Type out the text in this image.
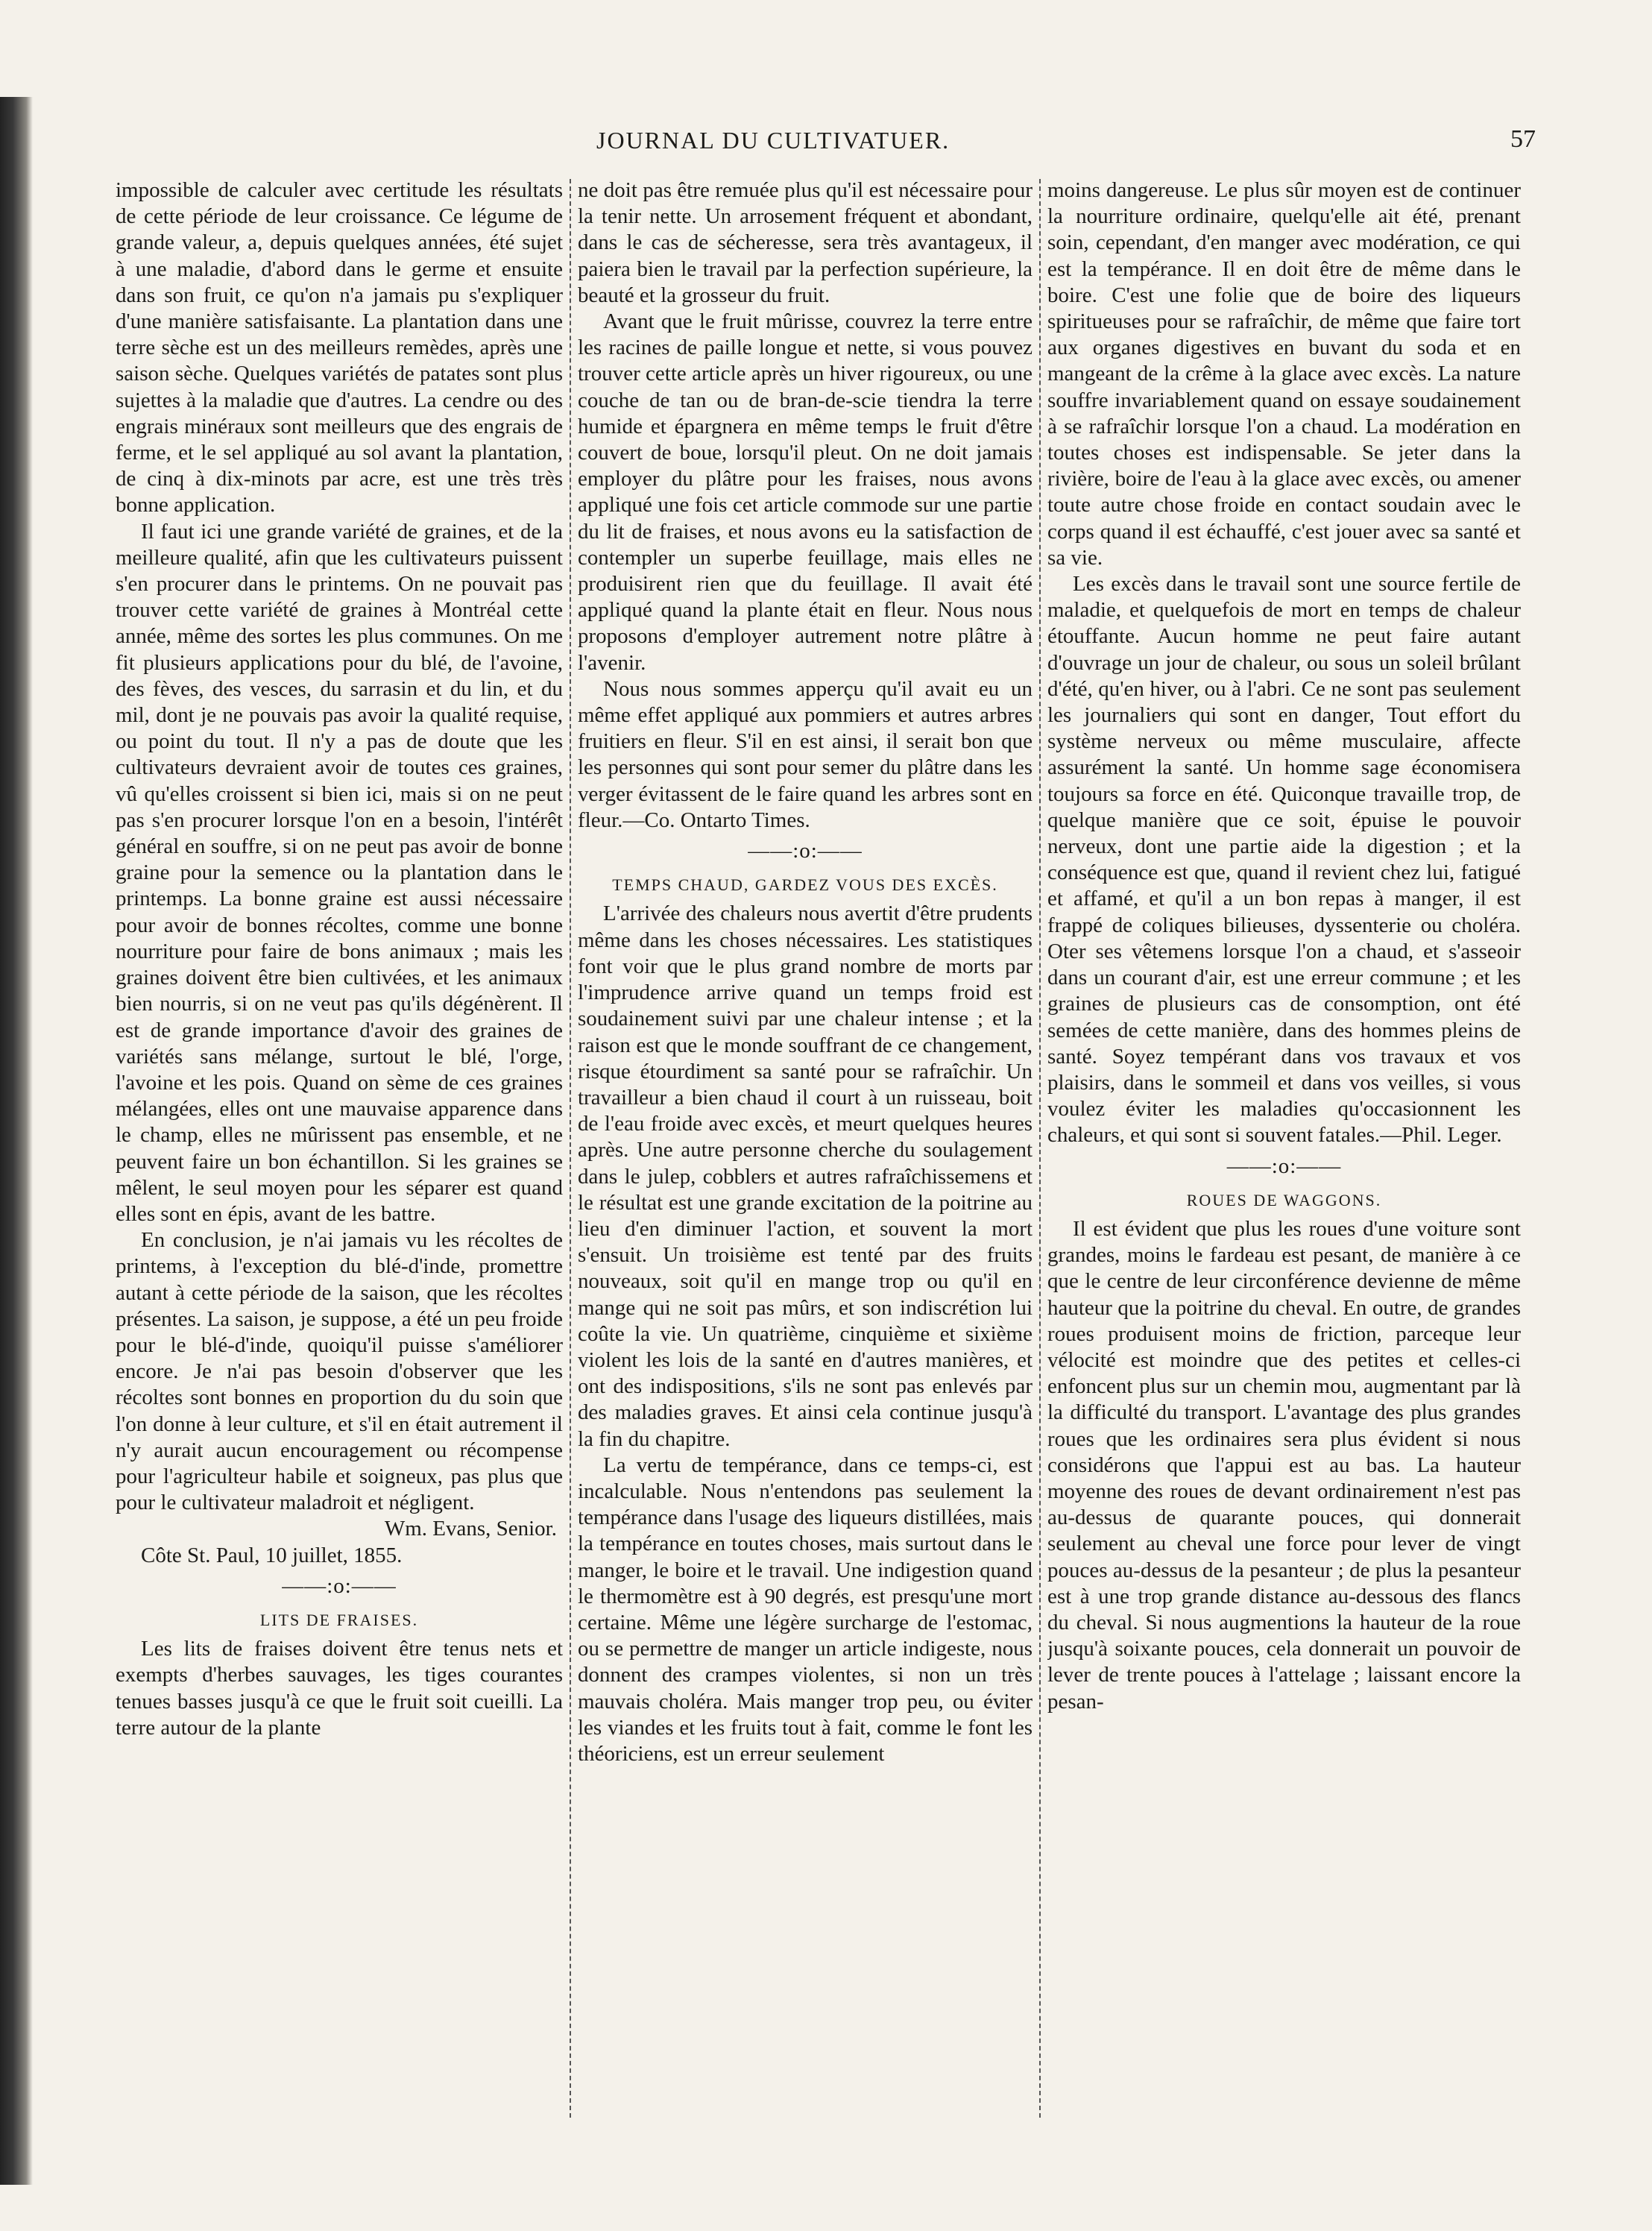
JOURNAL DU CULTIVATUER.	57

impossible de calculer avec certitude les résultats de cette période de leur croissance. Ce légume de grande valeur, a, depuis quelques années, été sujet à une maladie, d'abord dans le germe et ensuite dans son fruit, ce qu'on n'a jamais pu s'expliquer d'une manière satisfaisante. La plantation dans une terre sèche est un des meilleurs remèdes, après une saison sèche. Quelques variétés de patates sont plus sujettes à la maladie que d'autres. La cendre ou des engrais minéraux sont meilleurs que des engrais de ferme, et le sel appliqué au sol avant la plantation, de cinq à dix-minots par acre, est une très très bonne application.

Il faut ici une grande variété de graines, et de la meilleure qualité, afin que les cultivateurs puissent s'en procurer dans le printems. On ne pouvait pas trouver cette variété de graines à Montréal cette année, même des sortes les plus communes. On me fit plusieurs applications pour du blé, de l'avoine, des fèves, des vesces, du sarrasin et du lin, et du mil, dont je ne pouvais pas avoir la qualité requise, ou point du tout. Il n'y a pas de doute que les cultivateurs devraient avoir de toutes ces graines, vû qu'elles croissent si bien ici, mais si on ne peut pas s'en procurer lorsque l'on en a besoin, l'intérêt général en souffre, si on ne peut pas avoir de bonne graine pour la semence ou la plantation dans le printemps. La bonne graine est aussi nécessaire pour avoir de bonnes récoltes, comme une bonne nourriture pour faire de bons animaux ; mais les graines doivent être bien cultivées, et les animaux bien nourris, si on ne veut pas qu'ils dégénèrent. Il est de grande importance d'avoir des graines de variétés sans mélange, surtout le blé, l'orge, l'avoine et les pois. Quand on sème de ces graines mélangées, elles ont une mauvaise apparence dans le champ, elles ne mûrissent pas ensemble, et ne peuvent faire un bon échantillon. Si les graines se mêlent, le seul moyen pour les séparer est quand elles sont en épis, avant de les battre.

En conclusion, je n'ai jamais vu les récoltes de printems, à l'exception du blé-d'inde, promettre autant à cette période de la saison, que les récoltes présentes. La saison, je suppose, a été un peu froide pour le blé-d'inde, quoiqu'il puisse s'améliorer encore. Je n'ai pas besoin d'observer que les récoltes sont bonnes en proportion du du soin que l'on donne à leur culture, et s'il en était autrement il n'y aurait aucun encouragement ou récompense pour l'agriculteur habile et soigneux, pas plus que pour le cultivateur maladroit et négligent.

Wm. Evans, Senior.

Côte St. Paul, 10 juillet, 1855.

——:o:——

LITS DE FRAISES.

Les lits de fraises doivent être tenus nets et exempts d'herbes sauvages, les tiges courantes tenues basses jusqu'à ce que le fruit soit cueilli. La terre autour de la plante

ne doit pas être remuée plus qu'il est nécessaire pour la tenir nette. Un arrosement fréquent et abondant, dans le cas de sécheresse, sera très avantageux, il paiera bien le travail par la perfection supérieure, la beauté et la grosseur du fruit.

Avant que le fruit mûrisse, couvrez la terre entre les racines de paille longue et nette, si vous pouvez trouver cette article après un hiver rigoureux, ou une couche de tan ou de bran-de-scie tiendra la terre humide et épargnera en même temps le fruit d'être couvert de boue, lorsqu'il pleut. On ne doit jamais employer du plâtre pour les fraises, nous avons appliqué une fois cet article commode sur une partie du lit de fraises, et nous avons eu la satisfaction de contempler un superbe feuillage, mais elles ne produisirent rien que du feuillage. Il avait été appliqué quand la plante était en fleur. Nous nous proposons d'employer autrement notre plâtre à l'avenir.

Nous nous sommes apperçu qu'il avait eu un même effet appliqué aux pommiers et autres arbres fruitiers en fleur. S'il en est ainsi, il serait bon que les personnes qui sont pour semer du plâtre dans les verger évitassent de le faire quand les arbres sont en fleur.—Co. Ontarto Times.

——:o:——

TEMPS CHAUD, GARDEZ VOUS DES EXCÈS.

L'arrivée des chaleurs nous avertit d'être prudents même dans les choses nécessaires. Les statistiques font voir que le plus grand nombre de morts par l'imprudence arrive quand un temps froid est soudainement suivi par une chaleur intense ; et la raison est que le monde souffrant de ce changement, risque étourdiment sa santé pour se rafraîchir. Un travailleur a bien chaud il court à un ruisseau, boit de l'eau froide avec excès, et meurt quelques heures après. Une autre personne cherche du soulagement dans le julep, cobblers et autres rafraîchissemens et le résultat est une grande excitation de la poitrine au lieu d'en diminuer l'action, et souvent la mort s'ensuit. Un troisième est tenté par des fruits nouveaux, soit qu'il en mange trop ou qu'il en mange qui ne soit pas mûrs, et son indiscrétion lui coûte la vie. Un quatrième, cinquième et sixième violent les lois de la santé en d'autres manières, et ont des indispositions, s'ils ne sont pas enlevés par des maladies graves. Et ainsi cela continue jusqu'à la fin du chapitre.

La vertu de tempérance, dans ce temps-ci, est incalculable. Nous n'entendons pas seulement la tempérance dans l'usage des liqueurs distillées, mais la tempérance en toutes choses, mais surtout dans le manger, le boire et le travail. Une indigestion quand le thermomètre est à 90 degrés, est presqu'une mort certaine. Même une légère surcharge de l'estomac, ou se permettre de manger un article indigeste, nous donnent des crampes violentes, si non un très mauvais choléra. Mais manger trop peu, ou éviter les viandes et les fruits tout à fait, comme le font les théoriciens, est un erreur seulement

moins dangereuse. Le plus sûr moyen est de continuer la nourriture ordinaire, quelqu'elle ait été, prenant soin, cependant, d'en manger avec modération, ce qui est la tempérance. Il en doit être de même dans le boire. C'est une folie que de boire des liqueurs spiritueuses pour se rafraîchir, de même que faire tort aux organes digestives en buvant du soda et en mangeant de la crême à la glace avec excès. La nature souffre invariablement quand on essaye soudainement à se rafraîchir lorsque l'on a chaud. La modération en toutes choses est indispensable. Se jeter dans la rivière, boire de l'eau à la glace avec excès, ou amener toute autre chose froide en contact soudain avec le corps quand il est échauffé, c'est jouer avec sa santé et sa vie.

Les excès dans le travail sont une source fertile de maladie, et quelquefois de mort en temps de chaleur étouffante. Aucun homme ne peut faire autant d'ouvrage un jour de chaleur, ou sous un soleil brûlant d'été, qu'en hiver, ou à l'abri. Ce ne sont pas seulement les journaliers qui sont en danger, Tout effort du système nerveux ou même musculaire, affecte assurément la santé. Un homme sage économisera toujours sa force en été. Quiconque travaille trop, de quelque manière que ce soit, épuise le pouvoir nerveux, dont une partie aide la digestion ; et la conséquence est que, quand il revient chez lui, fatigué et affamé, et qu'il a un bon repas à manger, il est frappé de coliques bilieuses, dyssenterie ou choléra. Oter ses vêtemens lorsque l'on a chaud, et s'asseoir dans un courant d'air, est une erreur commune ; et les graines de plusieurs cas de consomption, ont été semées de cette manière, dans des hommes pleins de santé. Soyez tempérant dans vos travaux et vos plaisirs, dans le sommeil et dans vos veilles, si vous voulez éviter les maladies qu'occasionnent les chaleurs, et qui sont si souvent fatales.—Phil. Leger.

——:o:——

ROUES DE WAGGONS.

Il est évident que plus les roues d'une voiture sont grandes, moins le fardeau est pesant, de manière à ce que le centre de leur circonférence devienne de même hauteur que la poitrine du cheval. En outre, de grandes roues produisent moins de friction, parceque leur vélocité est moindre que des petites et celles-ci enfoncent plus sur un chemin mou, augmentant par là la difficulté du transport. L'avantage des plus grandes roues que les ordinaires sera plus évident si nous considérons que l'appui est au bas. La hauteur moyenne des roues de devant ordinairement n'est pas au-dessus de quarante pouces, qui donnerait seulement au cheval une force pour lever de vingt pouces au-dessus de la pesanteur ; de plus la pesanteur est à une trop grande distance au-dessous des flancs du cheval. Si nous augmentions la hauteur de la roue jusqu'à soixante pouces, cela donnerait un pouvoir de lever de trente pouces à l'attelage ; laissant encore la pesan-
